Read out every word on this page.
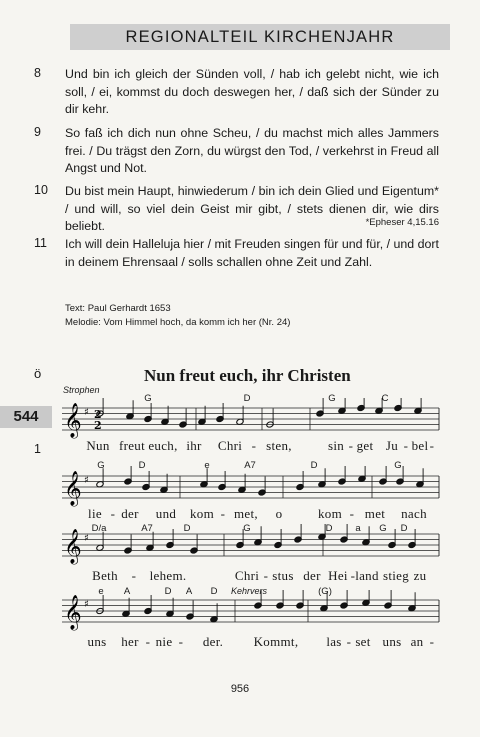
REGIONALTEIL KIRCHENJAHR
8 Und bin ich gleich der Sünden voll, / hab ich gelebt nicht, wie ich soll, / ei, kommst du doch deswegen her, / daß sich der Sünder zu dir kehr.

9 So faß ich dich nun ohne Scheu, / du machst mich alles Jammers frei. / Du trägst den Zorn, du würgst den Tod, / verkehrst in Freud all Angst und Not.

10 Du bist mein Haupt, hinwiederum / bin ich dein Glied und Eigentum* / und will, so viel dein Geist mir gibt, / stets dienen dir, wie dirs beliebt.

11 Ich will dein Halleluja hier / mit Freuden singen für und für, / und dort in deinem Ehrensaal / solls schallen ohne Zeit und Zahl.

*Epheser 4,15.16
Text: Paul Gerhardt 1653
Melodie: Vom Himmel hoch, da komm ich her (Nr. 24)
ö	Nun freut euch, ihr Christen
544
1
Strophen
Kehrvers
𝄞 ♯ 2
2
G	D	G	C
Nun freut euch, ihr Chri - sten,	sin - get Ju - bel -
𝄞 ♯
G	D	e	A7	D	G
lie - der und kom - met, o	kom - met nach
𝄞 ♯
D/a	A7	D	G	D a G D
Beth - lehem.	Chri - stus der Hei - land stieg zu
𝄞 ♯
e A	D A D	(G)
uns her - nie - der. Kommt, las - set uns an -
956
